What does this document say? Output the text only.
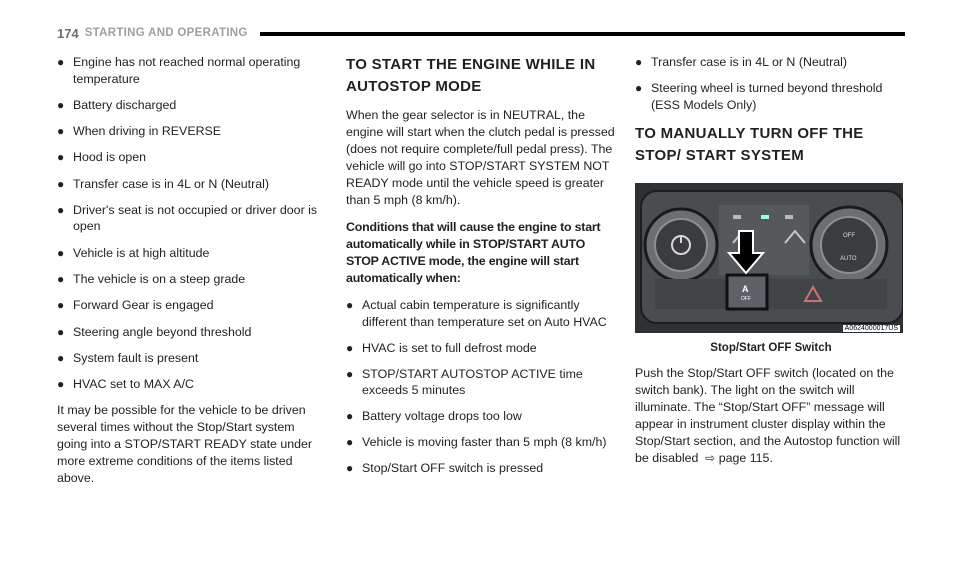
174 STARTING AND OPERATING
● Engine has not reached normal operating temperature
● Battery discharged
● When driving in REVERSE
● Hood is open
● Transfer case is in 4L or N (Neutral)
● Driver's seat is not occupied or driver door is open
● Vehicle is at high altitude
● The vehicle is on a steep grade
● Forward Gear is engaged
● Steering angle beyond threshold
● System fault is present
● HVAC set to MAX A/C

It may be possible for the vehicle to be driven several times without the Stop/Start system going into a STOP/START READY state under more extreme conditions of the items listed above.

TO START THE ENGINE WHILE IN AUTOSTOP MODE

When the gear selector is in NEUTRAL, the engine will start when the clutch pedal is pressed (does not require complete/full pedal press). The vehicle will go into STOP/START SYSTEM NOT READY mode until the vehicle speed is greater than 5 mph (8 km/h).

Conditions that will cause the engine to start automatically while in STOP/START AUTO STOP ACTIVE mode, the engine will start automatically when:

● Actual cabin temperature is significantly different than temperature set on Auto HVAC
● HVAC is set to full defrost mode
● STOP/START AUTOSTOP ACTIVE time exceeds 5 minutes
● Battery voltage drops too low
● Vehicle is moving faster than 5 mph (8 km/h)
● Stop/Start OFF switch is pressed
● Transfer case is in 4L or N (Neutral)
● Steering wheel is turned beyond threshold (ESS Models Only)
TO MANUALLY TURN OFF THE STOP/ START SYSTEM
AUTO
OFF
A
OFF
A0624000017US
Stop/Start OFF Switch

Push the Stop/Start OFF switch (located on the switch bank). The light on the switch will illuminate. The “Stop/Start OFF” message will appear in instrument cluster display within the Stop/Start section, and the Autostop function will be disabled  ⇨ page 115.
